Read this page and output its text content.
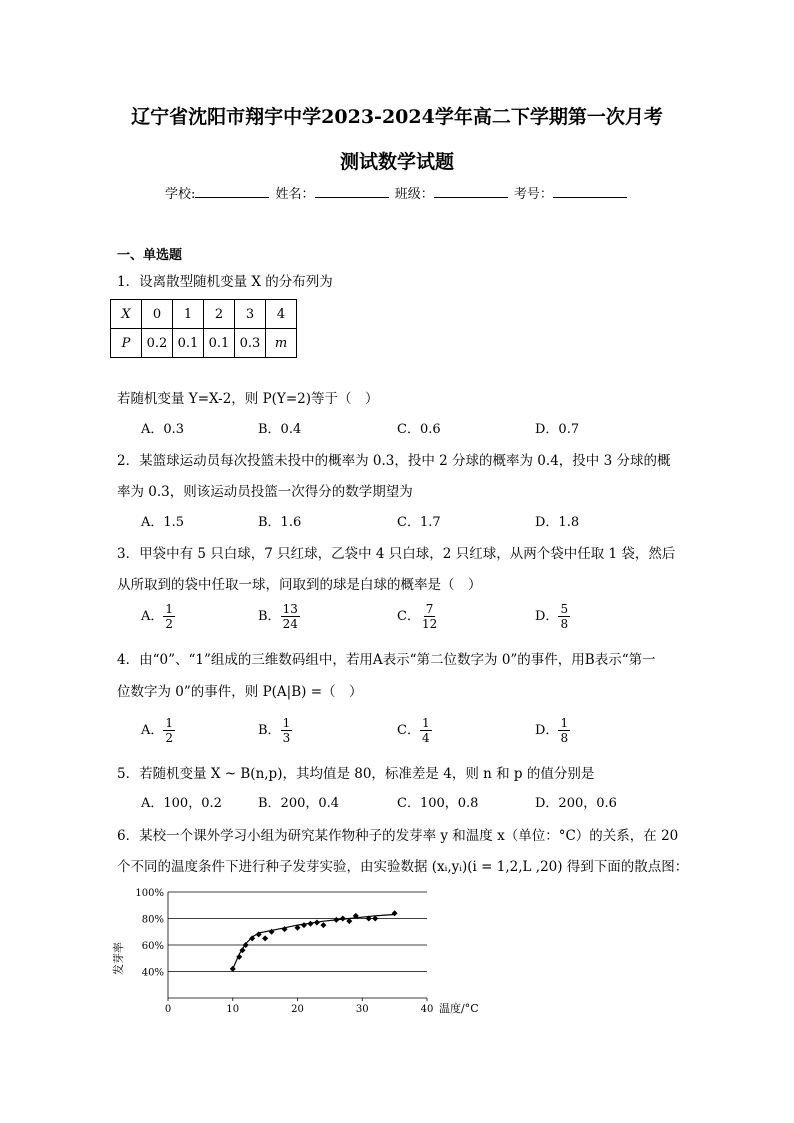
辽宁省沈阳市翔宇中学2023-2024学年高二下学期第一次月考
测试数学试题
学校:	姓名：	班级：	考号：
一、单选题
1．设离散型随机变量 X 的分布列为
X	0	1	2	3	4
P	0.2	0.1	0.1	0.3	m
若随机变量 Y=X-2，则 P(Y=2)等于（　）
A．0.3	B．0.4	C．0.6	D．0.7
2．某篮球运动员每次投篮未投中的概率为 0.3，投中 2 分球的概率为 0.4，投中 3 分球的概
率为 0.3，则该运动员投篮一次得分的数学期望为
A．1.5	B．1.6	C．1.7	D．1.8
3．甲袋中有 5 只白球，7 只红球，乙袋中 4 只白球，2 只红球，从两个袋中任取 1 袋，然后
从所取到的袋中任取一球，问取到的球是白球的概率是（　）
A． $\frac{1}{2}$	B． $\frac{13}{24}$	C． $\frac{7}{12}$	D． $\frac{5}{8}$
4．由“0”、“1”组成的三维数码组中，若用A表示“第二位数字为 0”的事件，用B表示“第一
位数字为 0”的事件，则 P(A|B) =（　）
A． $\frac{1}{2}$	B． $\frac{1}{3}$	C． $\frac{1}{4}$	D． $\frac{1}{8}$
5．若随机变量 X ~ B(n,p)，其均值是 80，标准差是 4，则 n 和 p 的值分别是
A．100，0.2	B．200，0.4	C．100，0.8	D．200，0.6
6．某校一个课外学习小组为研究某作物种子的发芽率 y 和温度 x（单位：°C）的关系，在 20
个不同的温度条件下进行种子发芽实验，由实验数据 (xᵢ,yᵢ)(i = 1,2,L ,20) 得到下面的散点图：
40%
60%
80%
100%
0	10	20	30	40 温度/°C
发芽率
